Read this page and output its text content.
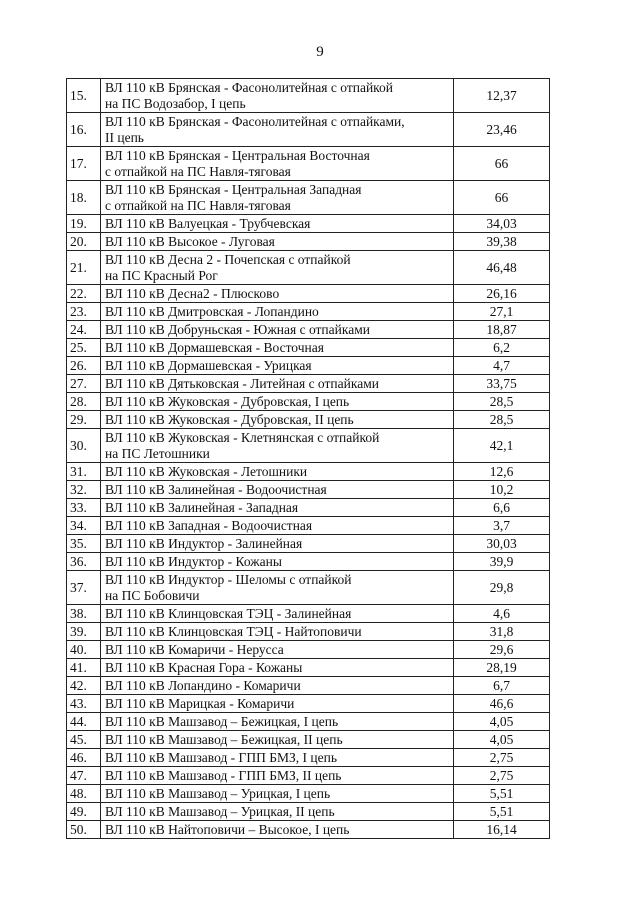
9
15.	ВЛ 110 кВ Брянская - Фасонолитейная с отпайкой
на ПС Водозабор, I цепь	12,37
16.	ВЛ 110 кВ Брянская - Фасонолитейная с отпайками,
II цепь	23,46
17.	ВЛ 110 кВ Брянская - Центральная Восточная
с отпайкой на ПС Навля-тяговая	66
18.	ВЛ 110 кВ Брянская - Центральная Западная
с отпайкой на ПС Навля-тяговая	66
19.	ВЛ 110 кВ Валуецкая - Трубчевская	34,03
20.	ВЛ 110 кВ Высокое - Луговая	39,38
21.	ВЛ 110 кВ Десна 2 - Почепская с отпайкой
на ПС Красный Рог	46,48
22.	ВЛ 110 кВ Десна2 - Плюсково	26,16
23.	ВЛ 110 кВ Дмитровская - Лопандино	27,1
24.	ВЛ 110 кВ Добруньская - Южная с отпайками	18,87
25.	ВЛ 110 кВ Дормашевская - Восточная	6,2
26.	ВЛ 110 кВ Дормашевская - Урицкая	4,7
27.	ВЛ 110 кВ Дятьковская - Литейная с отпайками	33,75
28.	ВЛ 110 кВ Жуковская - Дубровская, I цепь	28,5
29.	ВЛ 110 кВ Жуковская - Дубровская, II цепь	28,5
30.	ВЛ 110 кВ Жуковская - Клетнянская с отпайкой
на ПС Летошники	42,1
31.	ВЛ 110 кВ Жуковская - Летошники	12,6
32.	ВЛ 110 кВ Залинейная - Водоочистная	10,2
33.	ВЛ 110 кВ Залинейная - Западная	6,6
34.	ВЛ 110 кВ Западная - Водоочистная	3,7
35.	ВЛ 110 кВ Индуктор - Залинейная	30,03
36.	ВЛ 110 кВ Индуктор - Кожаны	39,9
37.	ВЛ 110 кВ Индуктор - Шеломы с отпайкой
на ПС Бобовичи	29,8
38.	ВЛ 110 кВ Клинцовская ТЭЦ - Залинейная	4,6
39.	ВЛ 110 кВ Клинцовская ТЭЦ - Найтоповичи	31,8
40.	ВЛ 110 кВ Комаричи - Нерусса	29,6
41.	ВЛ 110 кВ Красная Гора - Кожаны	28,19
42.	ВЛ 110 кВ Лопандино - Комаричи	6,7
43.	ВЛ 110 кВ Марицкая - Комаричи	46,6
44.	ВЛ 110 кВ Машзавод – Бежицкая, I цепь	4,05
45.	ВЛ 110 кВ Машзавод – Бежицкая, II цепь	4,05
46.	ВЛ 110 кВ Машзавод - ГПП БМЗ, I цепь	2,75
47.	ВЛ 110 кВ Машзавод - ГПП БМЗ, II цепь	2,75
48.	ВЛ 110 кВ Машзавод – Урицкая, I цепь	5,51
49.	ВЛ 110 кВ Машзавод – Урицкая, II цепь	5,51
50.	ВЛ 110 кВ Найтоповичи – Высокое, I цепь	16,14
